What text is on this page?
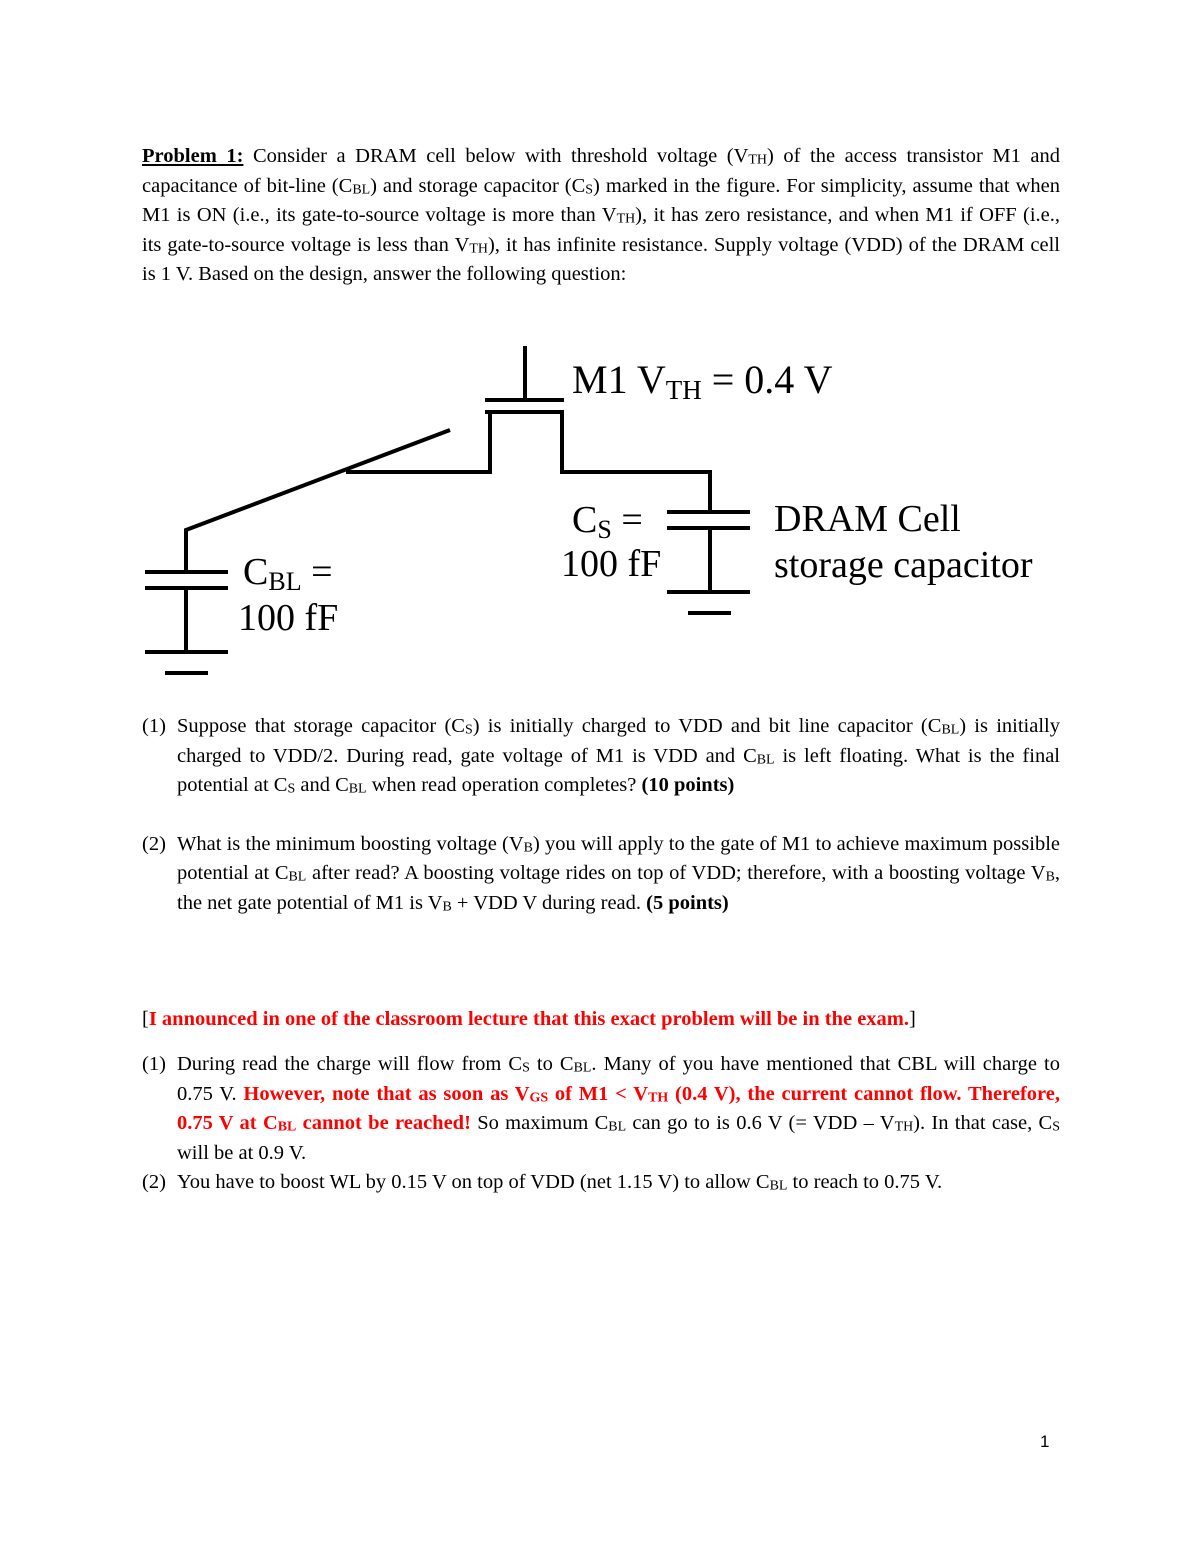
Problem 1: Consider a DRAM cell below with threshold voltage (VTH) of the access transistor M1 and capacitance of bit-line (CBL) and storage capacitor (CS) marked in the figure. For simplicity, assume that when M1 is ON (i.e., its gate-to-source voltage is more than VTH), it has zero resistance, and when M1 if OFF (i.e., its gate-to-source voltage is less than VTH), it has infinite resistance. Supply voltage (VDD) of the DRAM cell is 1 V. Based on the design, answer the following question:
M1 VTH = 0.4 V
CS =
100 fF
CBL =
100 fF
DRAM Cell
storage capacitor
(1) Suppose that storage capacitor (CS) is initially charged to VDD and bit line capacitor (CBL) is initially charged to VDD/2. During read, gate voltage of M1 is VDD and CBL is left floating. What is the final potential at CS and CBL when read operation completes? (10 points)
(2) What is the minimum boosting voltage (VB) you will apply to the gate of M1 to achieve maximum possible potential at CBL after read? A boosting voltage rides on top of VDD; therefore, with a boosting voltage VB, the net gate potential of M1 is VB + VDD V during read. (5 points)
[I announced in one of the classroom lecture that this exact problem will be in the exam.]
(1) During read the charge will flow from CS to CBL. Many of you have mentioned that CBL will charge to 0.75 V. However, note that as soon as VGS of M1 < VTH (0.4 V), the current cannot flow. Therefore, 0.75 V at CBL cannot be reached! So maximum CBL can go to is 0.6 V (= VDD – VTH). In that case, CS will be at 0.9 V.
(2) You have to boost WL by 0.15 V on top of VDD (net 1.15 V) to allow CBL to reach to 0.75 V.
1
